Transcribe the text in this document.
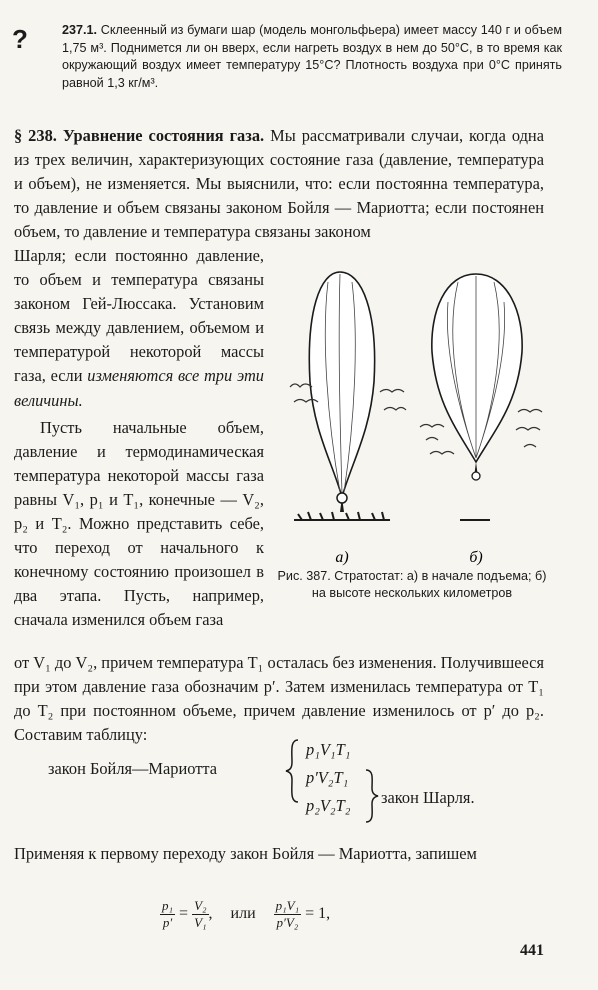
?	237.1. Склеенный из бумаги шар (модель монгольфьера) имеет массу 140 г и объем 1,75 м³. Поднимется ли он вверх, если нагреть воздух в нем до 50°С, в то время как окружающий воздух имеет температуру 15°С? Плотность воздуха при 0°С принять равной 1,3 кг/м³.
§ 238. Уравнение состояния газа. Мы рассматривали случаи, когда одна из трех величин, характеризующих состояние газа (давление, температура и объем), не изменяется. Мы выяснили, что: если постоянна температура, то давление и объем связаны законом Бойля — Мариотта; если постоянен объем, то давление и температура связаны законом
Шарля; если постоянно давление, то объем и температура связаны законом Гей-Люссака. Установим связь между давлением, объемом и температурой некоторой массы газа, если изменяются все три эти величины.
Пусть начальные объем, давление и термодинамическая температура некоторой массы газа равны V₁, p₁ и T₁, конечные — V₂, p₂ и T₂. Можно представить себе, что переход от начального к конечному состоянию произошел в два этапа. Пусть, например, сначала изменился объем газа
а)	б)
Рис. 387. Стратостат: а) в начале подъема; б) на высоте нескольких километров
от V₁ до V₂, причем температура T₁ осталась без изменения. Получившееся при этом давление газа обозначим p′. Затем изменилась температура от T₁ до T₂ при постоянном объеме, причем давление изменилось от p′ до p₂. Составим таблицу:
закон Бойля—Мариотта
p₁V₁T₁
p′V₂T₁
p₂V₂T₂ закон Шарля.
Применяя к первому переходу закон Бойля — Мариотта, запишем
$\frac{\text{p₁}}{p'} = \frac{\text{V₂}}{\text{V₁}}$ , или $\frac{\text{p₁V₁}}{\text{p′V₂}} = 1$,
441
